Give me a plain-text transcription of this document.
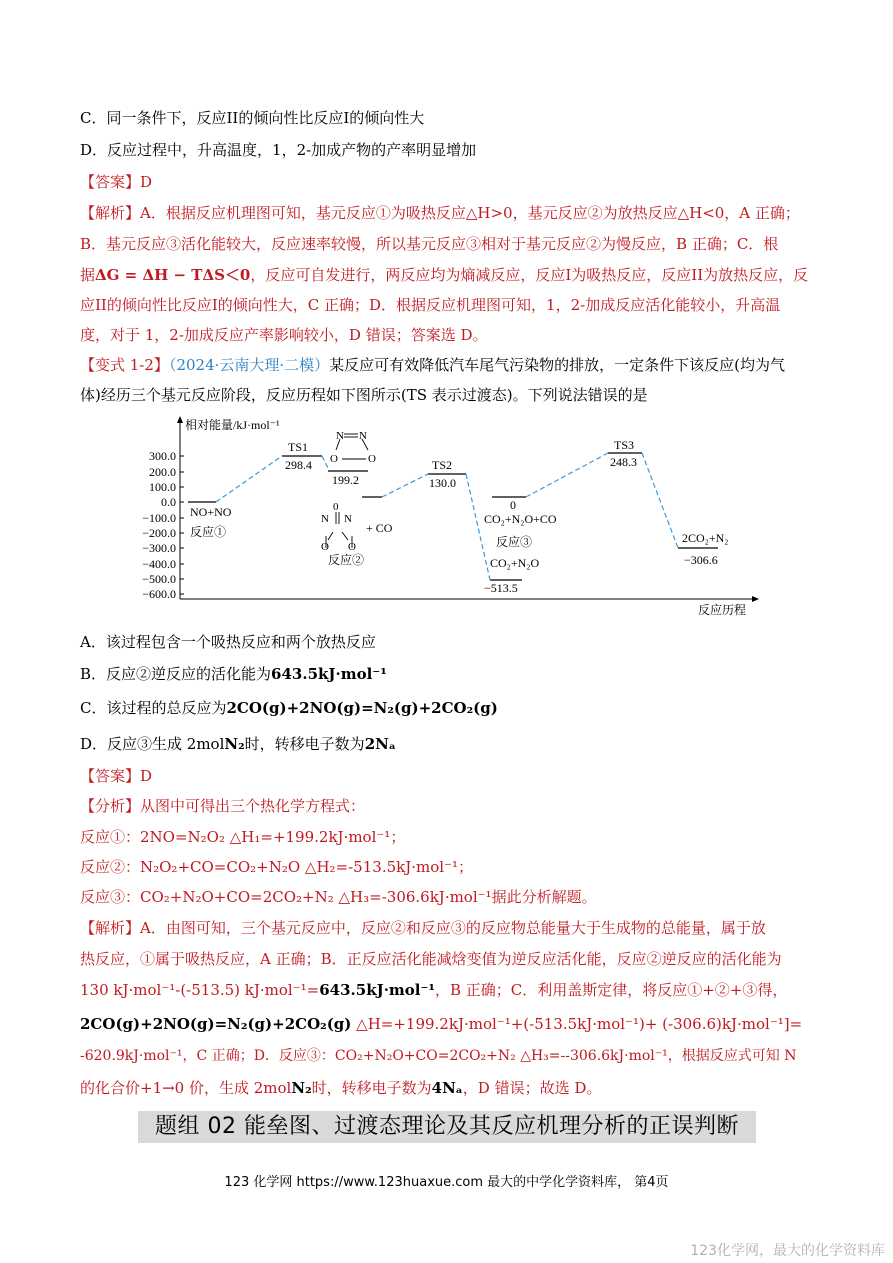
C．同一条件下，反应II的倾向性比反应I的倾向性大
D．反应过程中，升高温度，1，2-加成产物的产率明显增加
【答案】D
【解析】A．根据反应机理图可知，基元反应①为吸热反应△H>0，基元反应②为放热反应△H<0，A 正确；
B．基元反应③活化能较大，反应速率较慢，所以基元反应③相对于基元反应②为慢反应，B 正确；C．根
据ΔG = ΔH − TΔS＜0，反应可自发进行，两反应均为熵减反应，反应I为吸热反应，反应II为放热反应，反
应II的倾向性比反应I的倾向性大，C 正确；D．根据反应机理图可知，1，2-加成反应活化能较小，升高温
度，对于 1，2-加成反应产率影响较小，D 错误；答案选 D。
【变式 1-2】（2024·云南大理·二模）某反应可有效降低汽车尾气污染物的排放，一定条件下该反应(均为气
体)经历三个基元反应阶段，反应历程如下图所示(TS 表示过渡态)。下列说法错误的是
相对能量/kJ·mol⁻¹
反应历程
300.0
200.0
100.0
0.0
−100.0
−200.0
−300.0
−400.0
−500.0
−600.0
TS1
298.4
199.2
TS2
130.0
TS3
248.3
NO+NO
反应①
反应②
反应③
0
CO₂+N₂O+CO
CO₂+N₂O
−513.5
2CO₂+N₂
−306.6
+ CO
N N
O	O
0
N N
O O
A．该过程包含一个吸热反应和两个放热反应
B．反应②逆反应的活化能为643.5kJ·mol⁻¹
C．该过程的总反应为2CO(g)+2NO(g)=N₂(g)+2CO₂(g)
D．反应③生成 2molN₂时，转移电子数为2Nₐ
【答案】D
【分析】从图中可得出三个热化学方程式：
反应①：2NO=N₂O₂ △H₁=+199.2kJ·mol⁻¹；
反应②：N₂O₂+CO=CO₂+N₂O △H₂=-513.5kJ·mol⁻¹；
反应③：CO₂+N₂O+CO=2CO₂+N₂ △H₃=-306.6kJ·mol⁻¹据此分析解题。
【解析】A．由图可知，三个基元反应中，反应②和反应③的反应物总能量大于生成物的总能量，属于放
热反应，①属于吸热反应，A 正确；B．正反应活化能减焓变值为逆反应活化能，反应②逆反应的活化能为
130 kJ·mol⁻¹-(-513.5) kJ·mol⁻¹=643.5kJ·mol⁻¹，B 正确；C．利用盖斯定律，将反应①+②+③得，
2CO(g)+2NO(g)=N₂(g)+2CO₂(g) △H=+199.2kJ·mol⁻¹+(-513.5kJ·mol⁻¹)+ (-306.6)kJ·mol⁻¹]=
-620.9kJ·mol⁻¹，C 正确；D．反应③：CO₂+N₂O+CO=2CO₂+N₂ △H₃=--306.6kJ·mol⁻¹，根据反应式可知 N
的化合价+1→0 价，生成 2molN₂时，转移电子数为4Nₐ，D 错误；故选 D。
题组 02 能垒图、过渡态理论及其反应机理分析的正误判断
123 化学网 https://www.123huaxue.com 最大的中学化学资料库， 第4页
123化学网，最大的化学资料库
